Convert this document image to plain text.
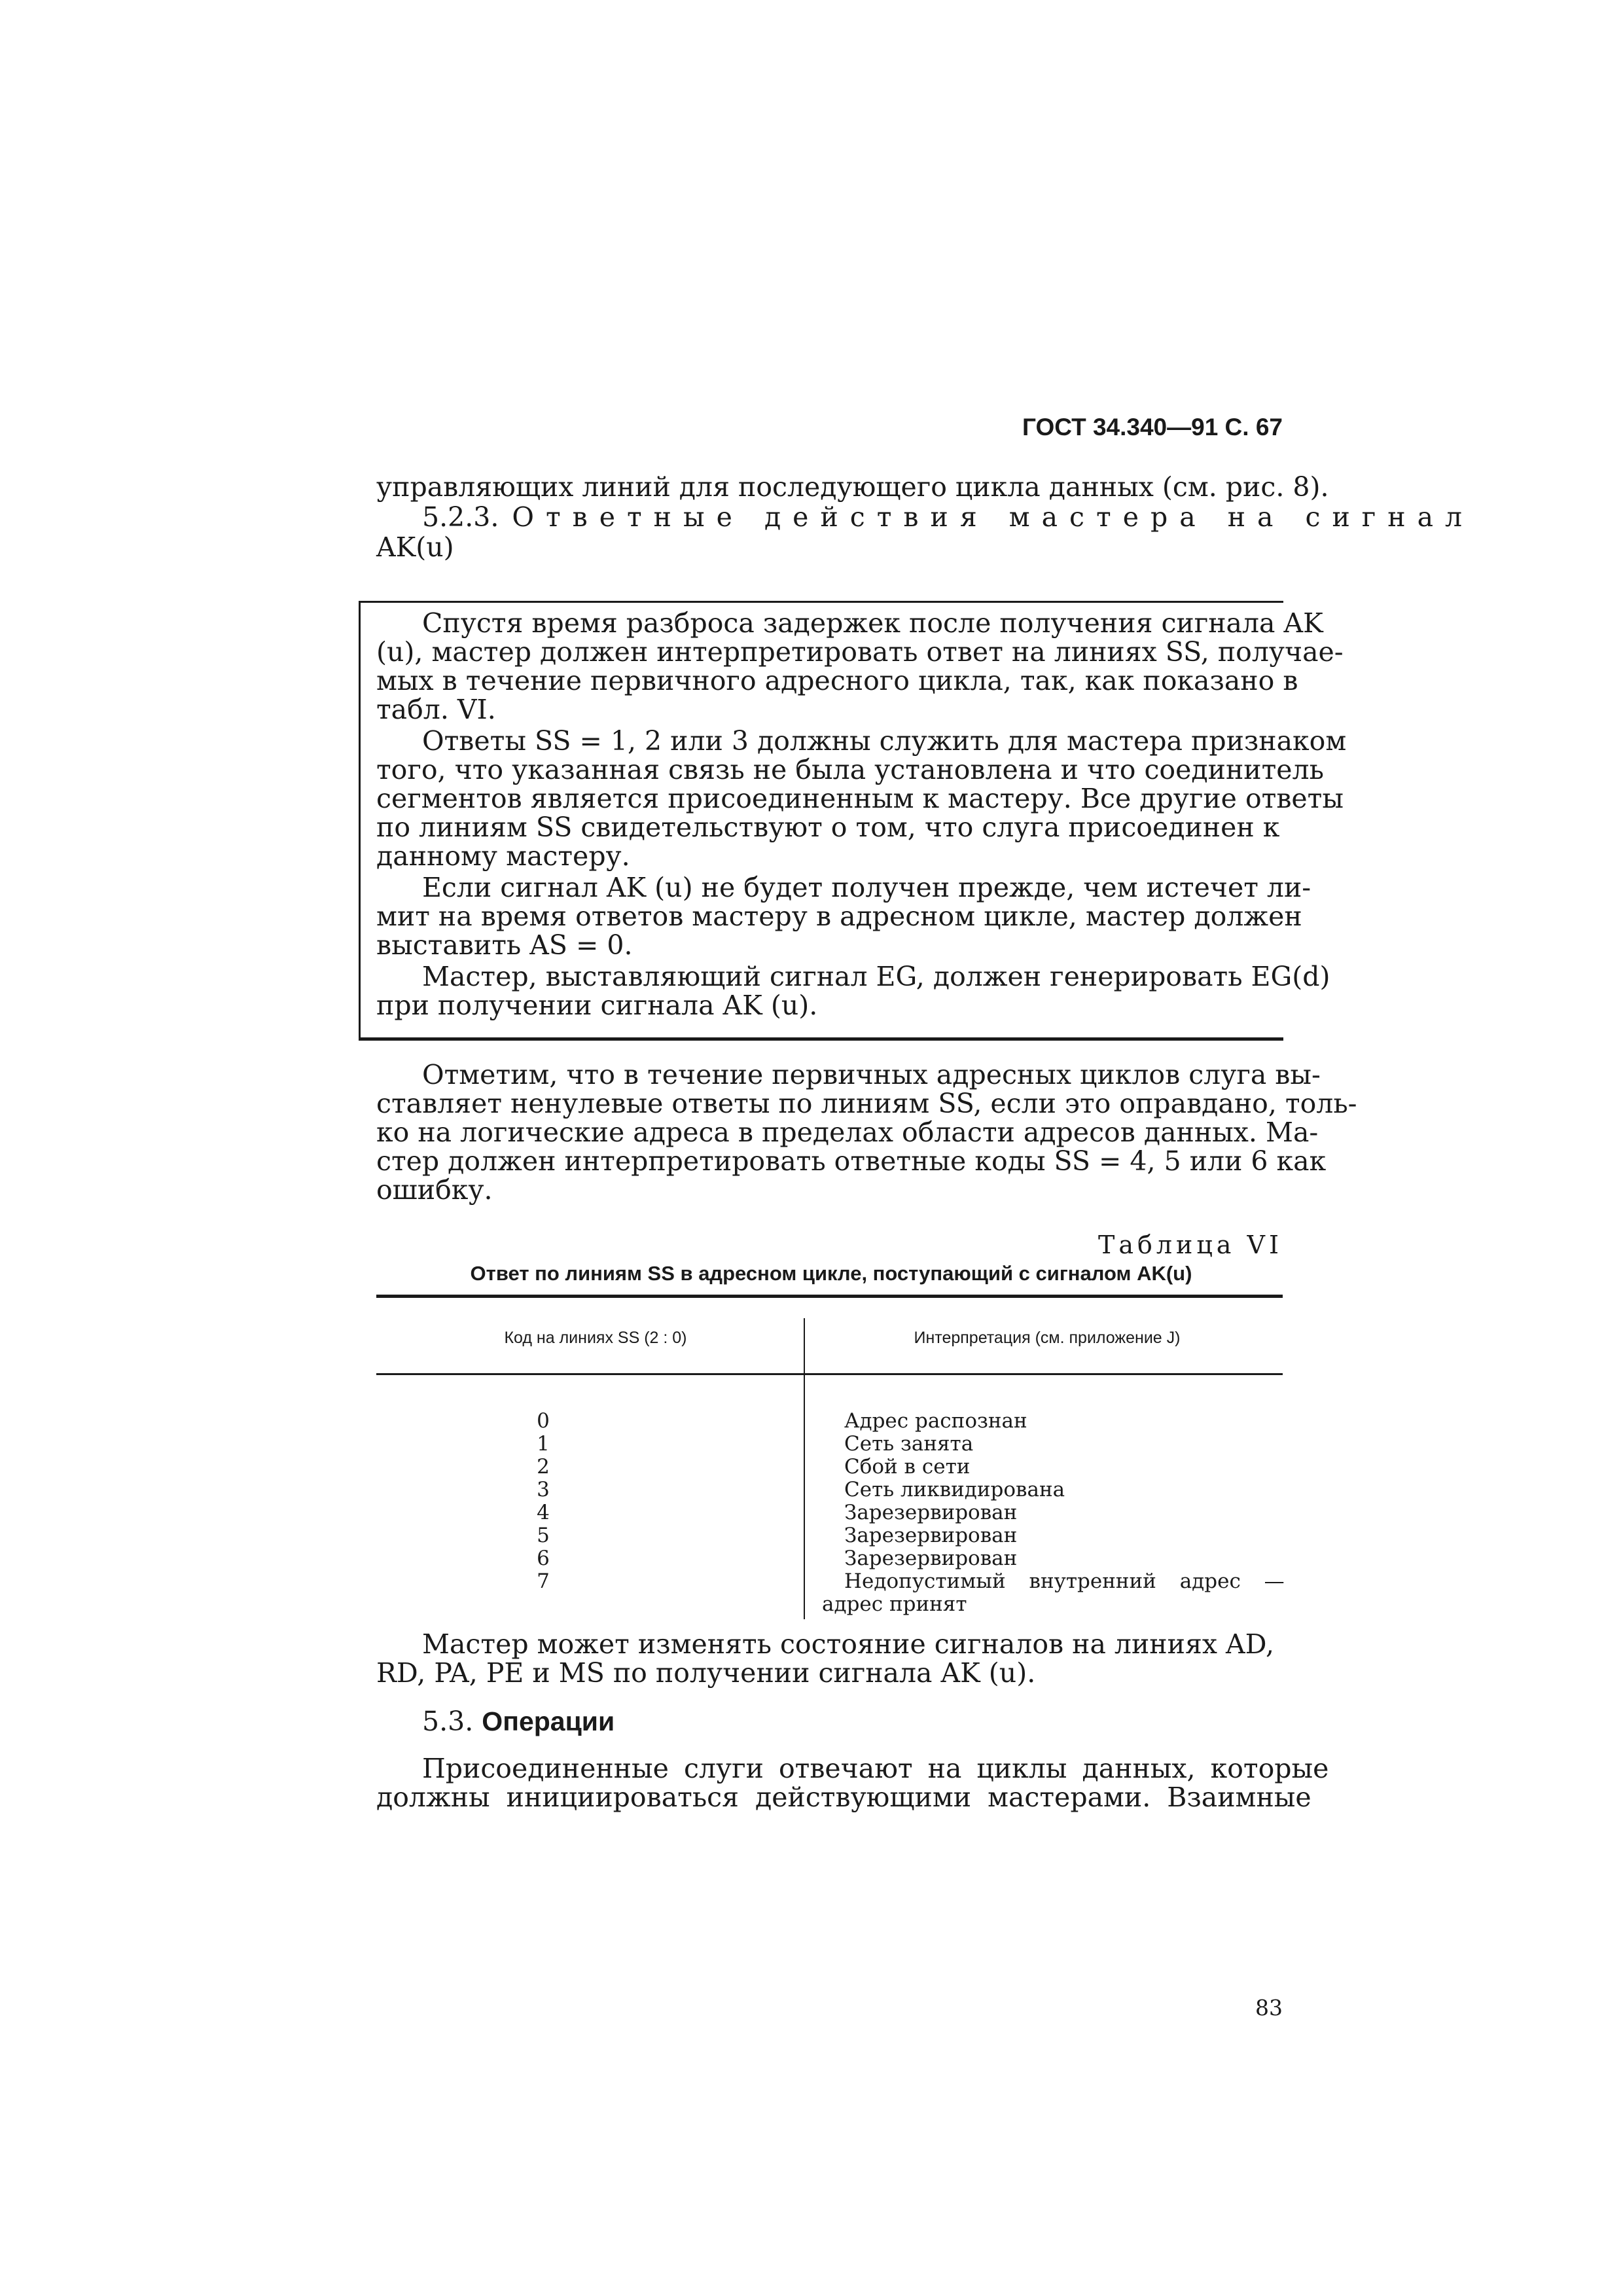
ГОСТ 34.340—91 С. 67
управляющих линий для последующего цикла данных (см. рис. 8).
5.2.3. Ответные действия мастера на сигнал
AK(u)
Спустя время разброса задержек после получения сигнала AK
(u), мастер должен интерпретировать ответ на линиях SS, получае-
мых в течение первичного адресного цикла, так, как показано в
табл. VI.
Ответы SS = 1, 2 или 3 должны служить для мастера признаком
того, что указанная связь не была установлена и что соединитель
сегментов является присоединенным к мастеру. Все другие ответы
по линиям SS свидетельствуют о том, что слуга присоединен к
данному мастеру.
Если сигнал AK (u) не будет получен прежде, чем истечет ли-
мит на время ответов мастеру в адресном цикле, мастер должен
выставить AS = 0.
Мастер, выставляющий сигнал EG, должен генерировать EG(d)
при получении сигнала AK (u).
Отметим, что в течение первичных адресных циклов слуга вы-
ставляет ненулевые ответы по линиям SS, если это оправдано, толь-
ко на логические адреса в пределах области адресов данных. Ма-
стер должен интерпретировать ответные коды SS = 4, 5 или 6 как
ошибку.
Таблица VI
Ответ по линиям SS в адресном цикле, поступающий с сигналом AK(u)
Код на линиях SS (2 : 0)	Интерпретация (см. приложение J)
0
1
2
3
4
5
6
7
Адрес распознан
Сеть занята
Сбой в сети
Сеть ликвидирована
Зарезервирован
Зарезервирован
Зарезервирован
Недопустимый внутренний адрес —
адрес принят
Мастер может изменять состояние сигналов на линиях AD,
RD, PA, PE и MS по получении сигнала AK (u).
5.3. Операции
Присоединенные слуги отвечают на циклы данных, которые
должны инициироваться действующими мастерами. Взаимные
83
